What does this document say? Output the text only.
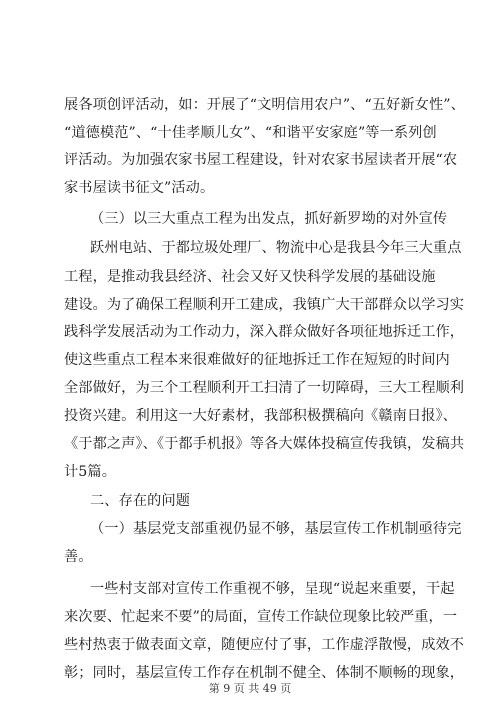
展各项创评活动，如：开展了“文明信用农户”、“五好新女性”、
“道德模范”、“十佳孝顺儿女”、“和谐平安家庭”等一系列创
评活动。为加强农家书屋工程建设，针对农家书屋读者开展“农
家书屋读书征文”活动。
（三）以三大重点工程为出发点，抓好新罗坳的对外宣传
跃州电站、于都垃圾处理厂、物流中心是我县今年三大重点
工程，是推动我县经济、社会又好又快科学发展的基础设施
建设。为了确保工程顺利开工建成，我镇广大干部群众以学习实
践科学发展活动为工作动力，深入群众做好各项征地拆迁工作，
使这些重点工程本来很难做好的征地拆迁工作在短短的时间内
全部做好，为三个工程顺利开工扫清了一切障碍，三大工程顺利
投资兴建。利用这一大好素材，我部积极撰稿向《赣南日报》、
《于都之声》、《于都手机报》等各大媒体投稿宣传我镇，发稿共
计5篇。
二、存在的问题
（一）基层党支部重视仍显不够，基层宣传工作机制亟待完
善。
一些村支部对宣传工作重视不够，呈现“说起来重要，干起
来次要、忙起来不要”的局面，宣传工作缺位现象比较严重，一
些村热衷于做表面文章，随便应付了事，工作虚浮散慢，成效不
彰；同时，基层宣传工作存在机制不健全、体制不顺畅的现象，
第 9 页 共 49 页
